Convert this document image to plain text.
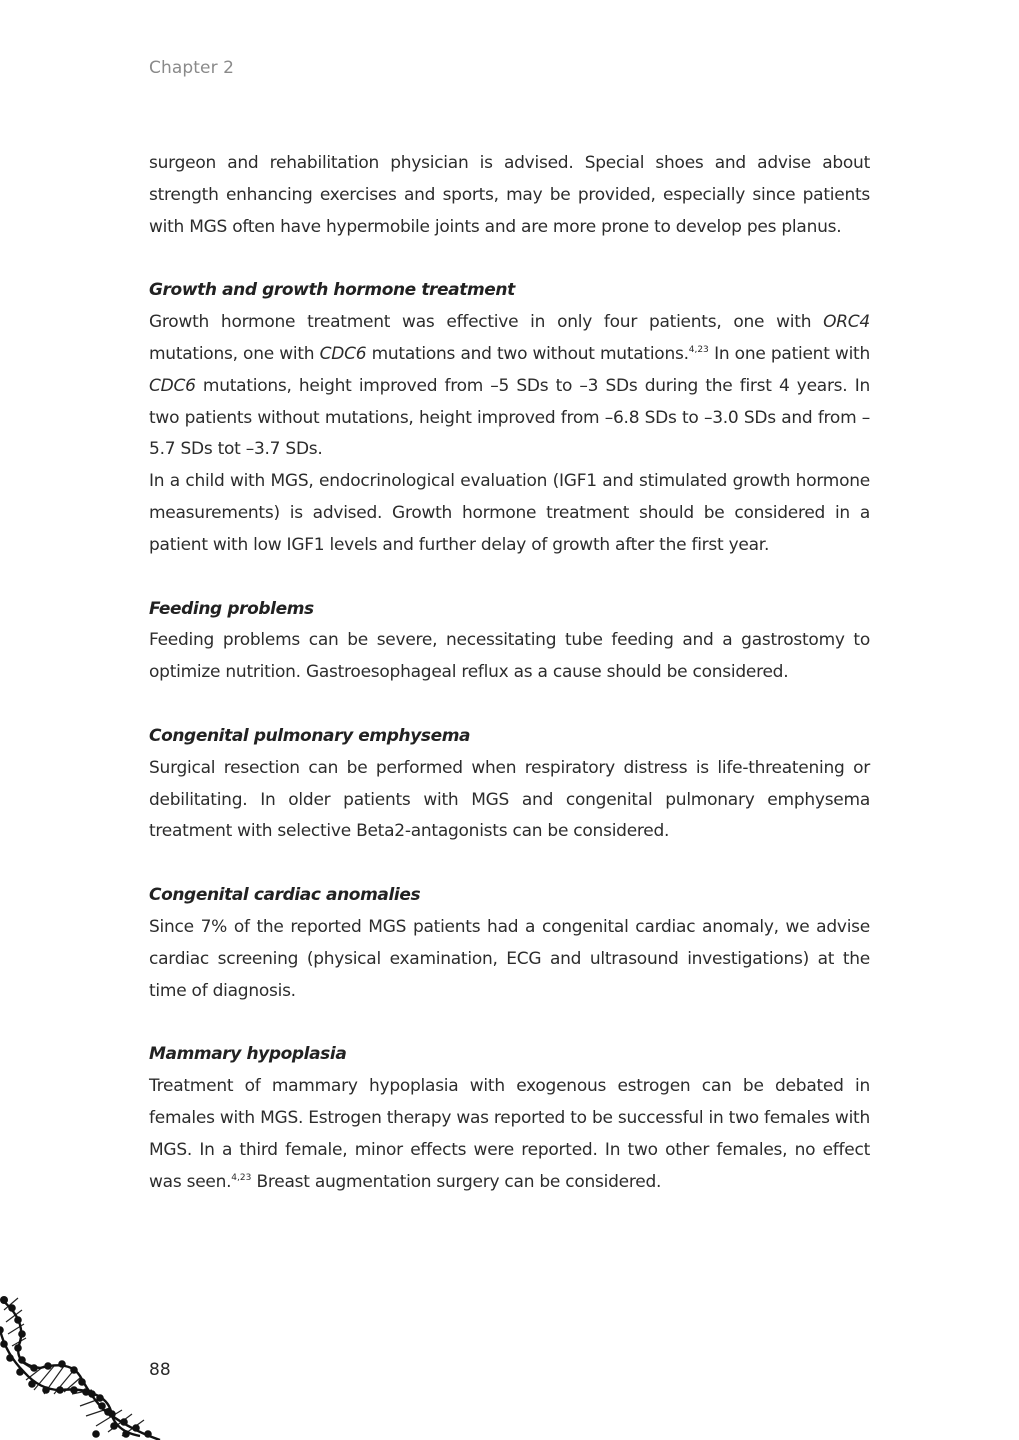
Chapter 2

surgeon and rehabilitation physician is advised. Special shoes and advise about strength enhancing exercises and sports, may be provided, especially since patients with MGS often have hypermobile joints and are more prone to develop pes planus.

Growth and growth hormone treatment

Growth hormone treatment was effective in only four patients, one with ORC4 mutations, one with CDC6 mutations and two without mutations.$^{4,23}$ In one patient with CDC6 mutations, height improved from –5 SDs to –3 SDs during the first 4 years. In two patients without mutations, height improved from –6.8 SDs to –3.0 SDs and from –5.7 SDs tot –3.7 SDs.

In a child with MGS, endocrinological evaluation (IGF1 and stimulated growth hormone measurements) is advised. Growth hormone treatment should be considered in a patient with low IGF1 levels and further delay of growth after the first year.

Feeding problems

Feeding problems can be severe, necessitating tube feeding and a gastrostomy to optimize nutrition. Gastroesophageal reflux as a cause should be considered.

Congenital pulmonary emphysema

Surgical resection can be performed when respiratory distress is life-threatening or debilitating. In older patients with MGS and congenital pulmonary emphysema treatment with selective Beta2-antagonists can be considered.

Congenital cardiac anomalies

Since 7% of the reported MGS patients had a congenital cardiac anomaly, we advise cardiac screening (physical examination, ECG and ultrasound investigations) at the time of diagnosis.

Mammary hypoplasia

Treatment of mammary hypoplasia with exogenous estrogen can be debated in females with MGS. Estrogen therapy was reported to be successful in two females with MGS. In a third female, minor effects were reported. In two other females, no effect was seen.$^{4,23}$ Breast augmentation surgery can be considered.

88
